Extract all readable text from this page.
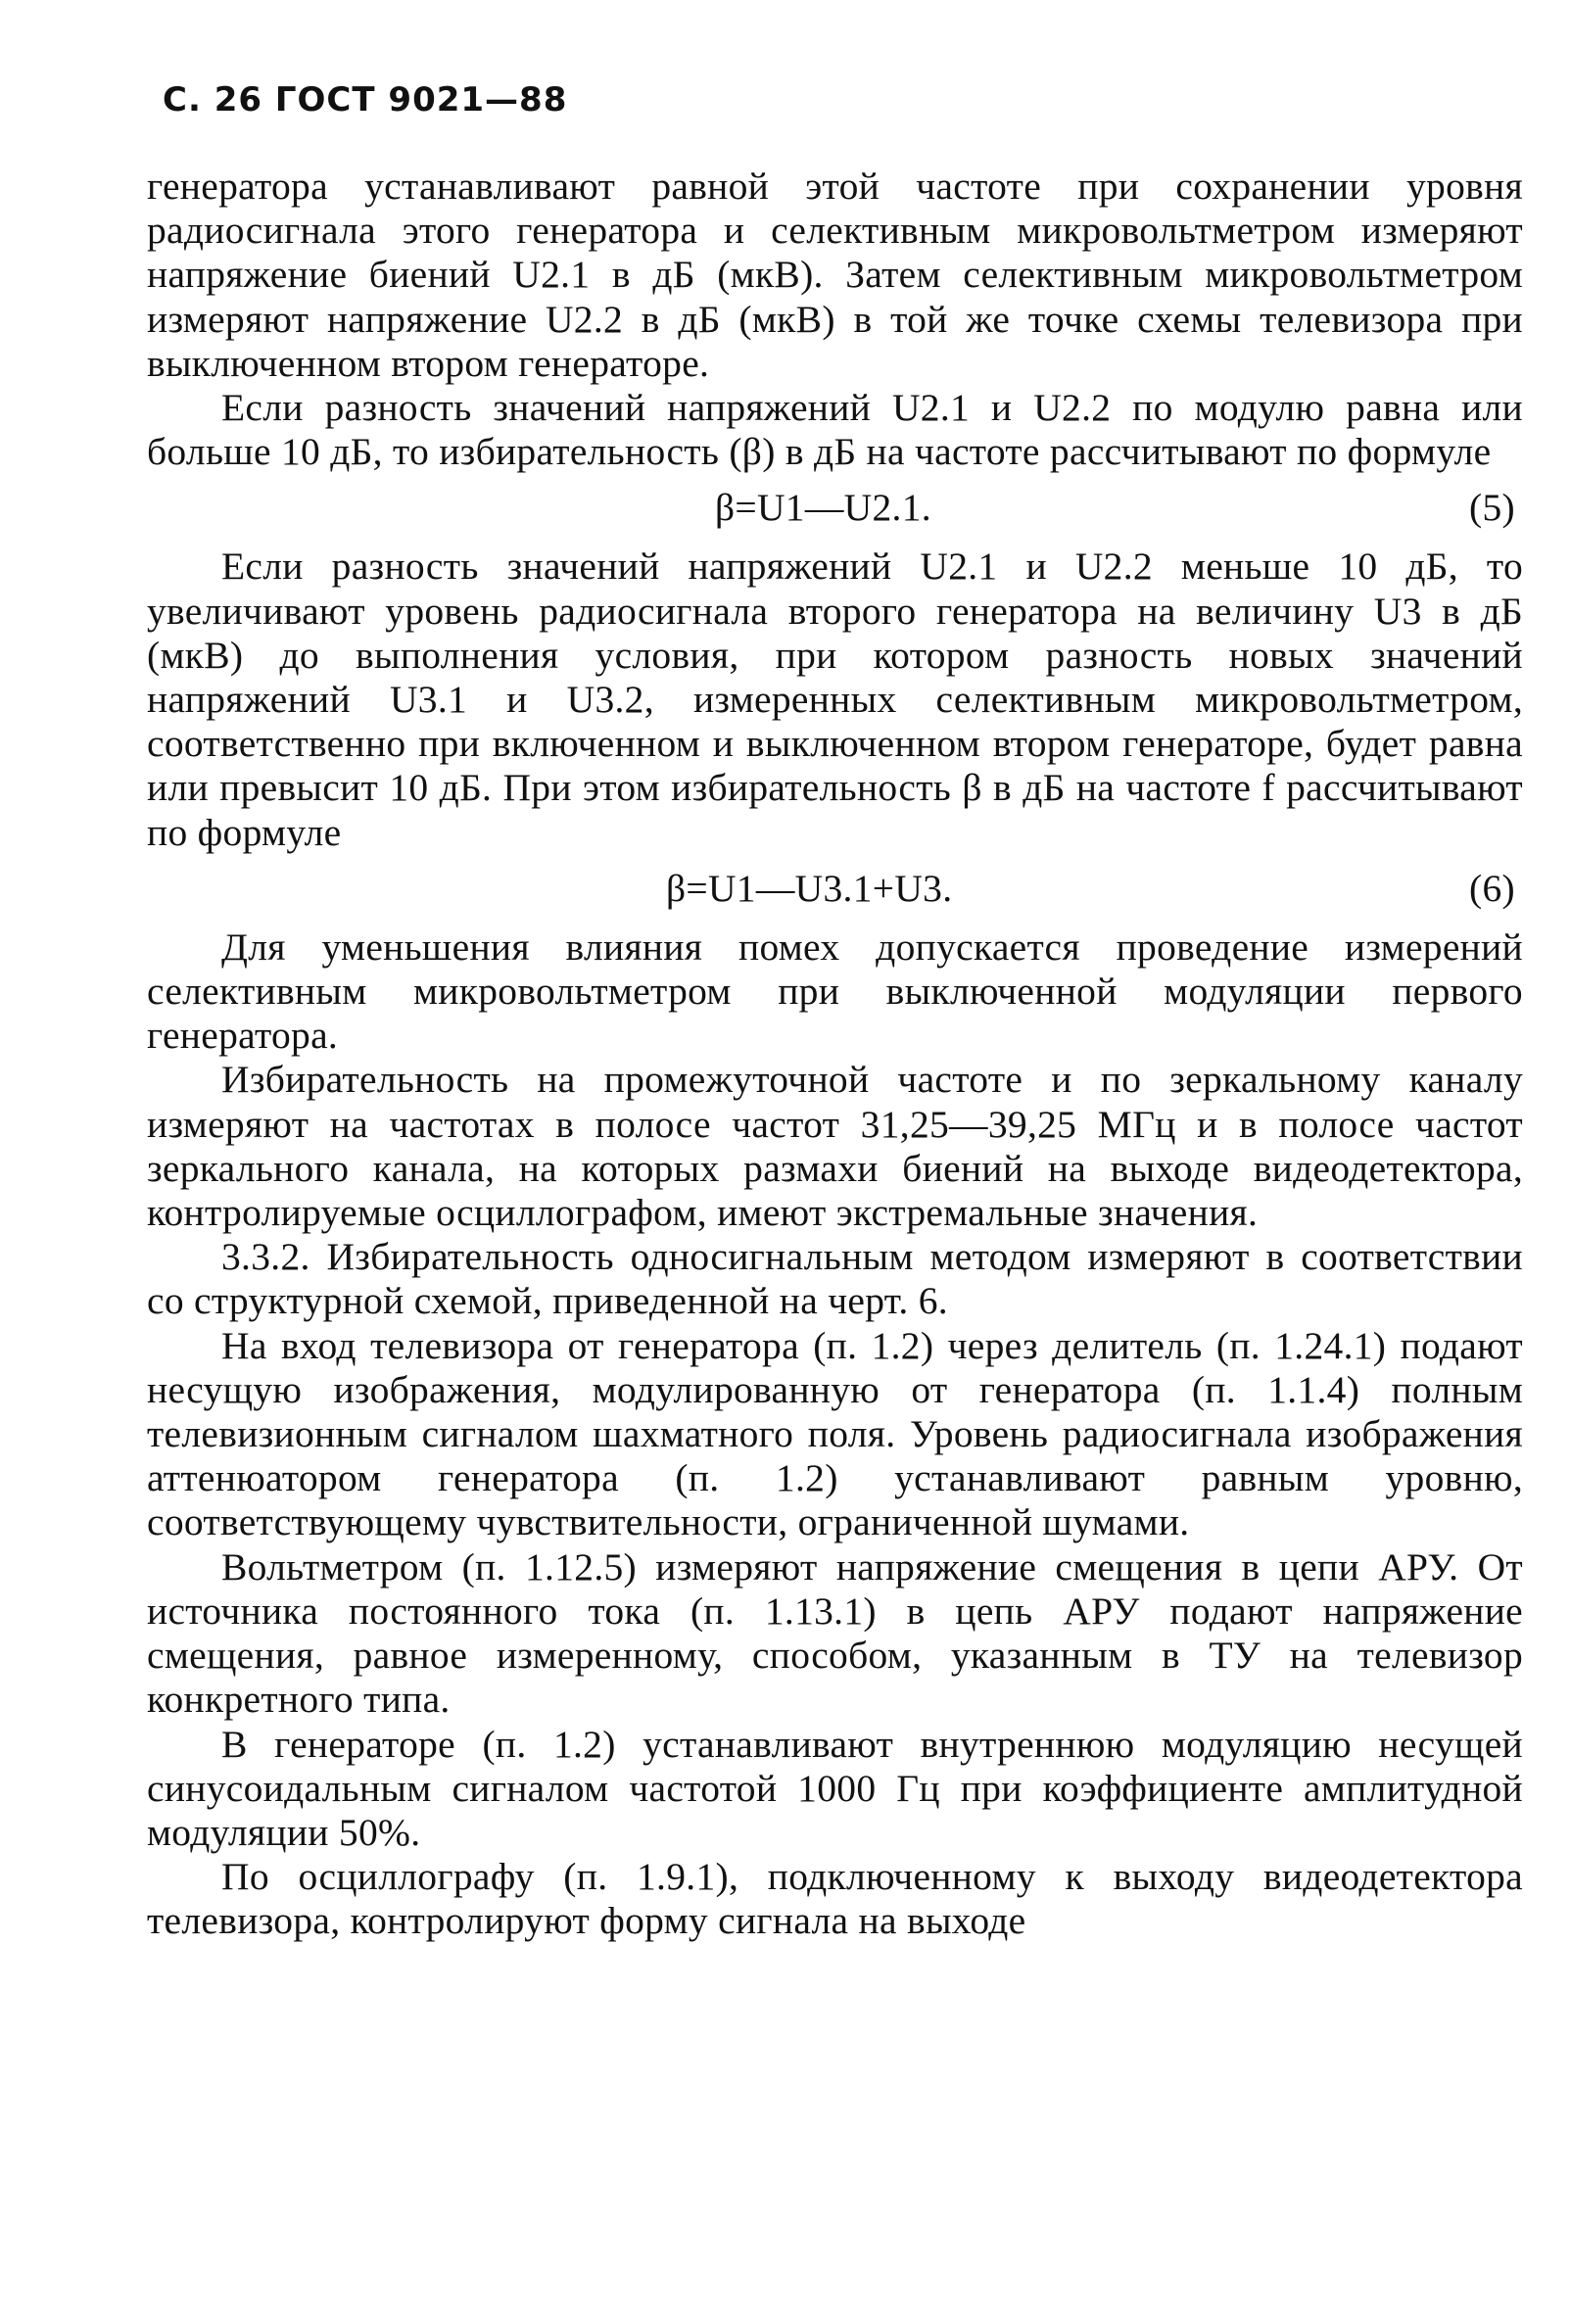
С. 26 ГОСТ 9021—88

генератора устанавливают равной этой частоте при сохранении уровня радиосигнала этого генератора и селективным микровольтметром измеряют напряжение биений U2.1 в дБ (мкВ). Затем селективным микровольтметром измеряют напряжение U2.2 в дБ (мкВ) в той же точке схемы телевизора при выключенном втором генераторе.

Если разность значений напряжений U2.1 и U2.2 по модулю равна или больше 10 дБ, то избирательность (β) в дБ на частоте рассчитывают по формуле

β=U1—U2.1.	(5)

Если разность значений напряжений U2.1 и U2.2 меньше 10 дБ, то увеличивают уровень радиосигнала второго генератора на величину U3 в дБ (мкВ) до выполнения условия, при котором разность новых значений напряжений U3.1 и U3.2, измеренных селективным микровольтметром, соответственно при включенном и выключенном втором генераторе, будет равна или превысит 10 дБ. При этом избирательность β в дБ на частоте f рассчитывают по формуле

β=U1—U3.1+U3.	(6)

Для уменьшения влияния помех допускается проведение измерений селективным микровольтметром при выключенной модуляции первого генератора.

Избирательность на промежуточной частоте и по зеркальному каналу измеряют на частотах в полосе частот 31,25—39,25 МГц и в полосе частот зеркального канала, на которых размахи биений на выходе видеодетектора, контролируемые осциллографом, имеют экстремальные значения.

3.3.2. Избирательность односигнальным методом измеряют в соответствии со структурной схемой, приведенной на черт. 6.

На вход телевизора от генератора (п. 1.2) через делитель (п. 1.24.1) подают несущую изображения, модулированную от генератора (п. 1.1.4) полным телевизионным сигналом шахматного поля. Уровень радиосигнала изображения аттенюатором генератора (п. 1.2) устанавливают равным уровню, соответствующему чувствительности, ограниченной шумами.

Вольтметром (п. 1.12.5) измеряют напряжение смещения в цепи АРУ. От источника постоянного тока (п. 1.13.1) в цепь АРУ подают напряжение смещения, равное измеренному, способом, указанным в ТУ на телевизор конкретного типа.

В генераторе (п. 1.2) устанавливают внутреннюю модуляцию несущей синусоидальным сигналом частотой 1000 Гц при коэффициенте амплитудной модуляции 50%.

По осциллографу (п. 1.9.1), подключенному к выходу видеодетектора телевизора, контролируют форму сигнала на выходе
